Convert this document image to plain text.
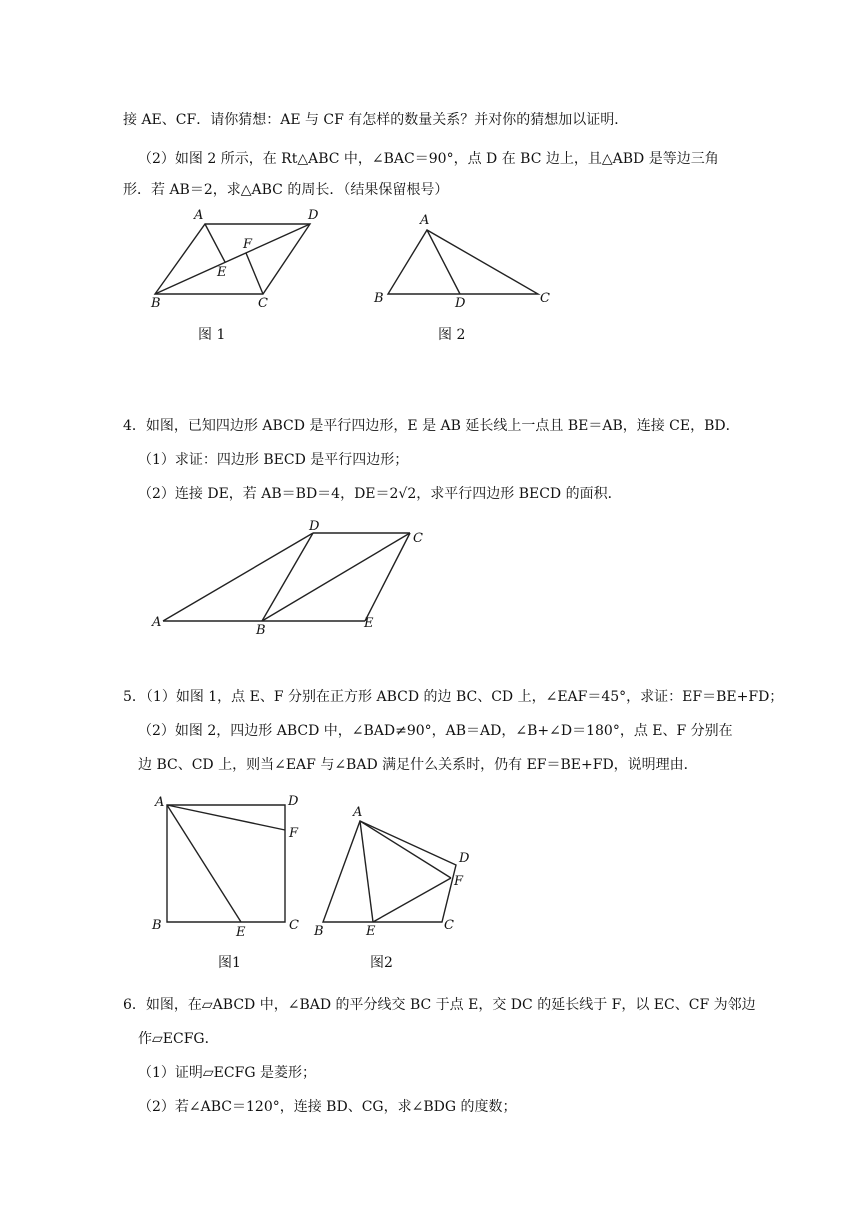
接 AE、CF．请你猜想：AE 与 CF 有怎样的数量关系？并对你的猜想加以证明．
（2）如图 2 所示，在 Rt△ABC 中，∠BAC＝90°，点 D 在 BC 边上，且△ABD 是等边三角
形．若 AB＝2，求△ABC 的周长．（结果保留根号）
A	D
F
E
B	C
图 1
A
B	D	C
图 2
4．如图，已知四边形 ABCD 是平行四边形，E 是 AB 延长线上一点且 BE＝AB，连接 CE，BD．
（1）求证：四边形 BECD 是平行四边形；
（2）连接 DE，若 AB＝BD＝4，DE＝2√2，求平行四边形 BECD 的面积．
D
C
A
B	E
5．（1）如图 1，点 E、F 分别在正方形 ABCD 的边 BC、CD 上，∠EAF＝45°，求证：EF＝BE+FD；
（2）如图 2，四边形 ABCD 中，∠BAD≠90°，AB＝AD，∠B+∠D＝180°，点 E、F 分别在
边 BC、CD 上，则当∠EAF 与∠BAD 满足什么关系时，仍有 EF＝BE+FD，说明理由．
A	D
F
B	E	C
图1
A
D
F
B	E	C
图2
6．如图，在▱ABCD 中，∠BAD 的平分线交 BC 于点 E，交 DC 的延长线于 F，以 EC、CF 为邻边
作▱ECFG．
（1）证明▱ECFG 是菱形；
（2）若∠ABC＝120°，连接 BD、CG，求∠BDG 的度数；
